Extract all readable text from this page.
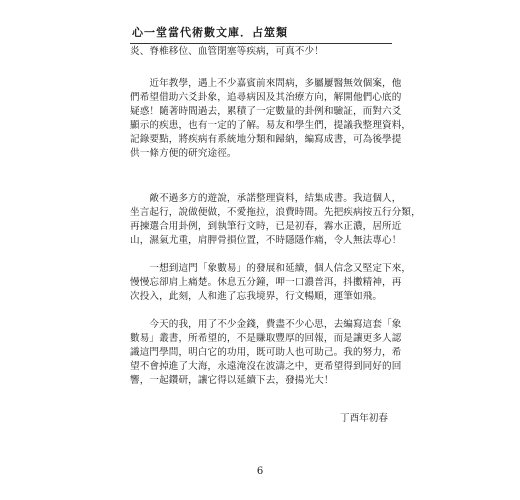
心一堂當代術數文庫．占筮類
炎、脊椎移位、血管閉塞等疾病，可真不少！
　　近年教學，遇上不少嘉賓前來問病，多屬屢醫無效個案，他
們希望借助六爻卦象，追尋病因及其治療方向，解開他們心底的
疑惑！隨著時間過去，累積了一定數量的卦例和驗証，而對六爻
顯示的疾患，也有一定的了解。易友和學生們，提議我整理資料，
記錄要點，將疾病有系統地分類和歸納，編寫成書，可為後學提
供一條方便的研究途徑。
　　敵不過多方的遊說，承諾整理資料，結集成書。我這個人，
坐言起行，說做便做，不愛拖拉，浪費時間。先把疾病按五行分類，
再揀選合用卦例，到執筆行文時，已是初春，霧水正濃，居所近
山，濕氣尤重，肩胛骨損位置，不時隱隱作痛，令人無法專心！
　　一想到這門「象數易」的發展和延續，個人信念又堅定下來，
慢慢忘卻肩上痛楚。休息五分鐘，呷一口濃普洱，抖擻精神，再
次投入，此刻，人和進了忘我境界，行文暢順，運筆如飛。
　　今天的我，用了不少金錢，費盡不少心思，去編寫這套「象
數易」叢書，所希望的，不是賺取豐厚的回報，而是讓更多人認
識這門學問，明白它的功用，既可助人也可助己。我的努力，希
望不會掉進了大海，永遠淹沒在波濤之中，更希望得到同好的回
響，一起鑽研，讓它得以延續下去，發揚光大！
丁酉年初春
6
